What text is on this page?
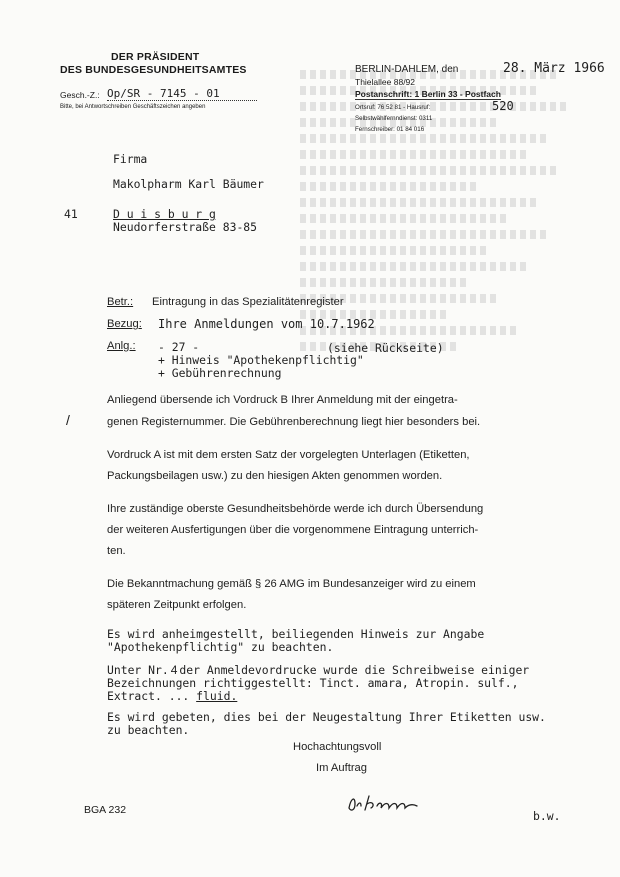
DER PRÄSIDENT
DES BUNDESGESUNDHEITSAMTES
Gesch.-Z.: Op/SR - 7145 - 01
Bitte, bei Antwortschreiben Geschäftszeichen angeben
BERLIN-DAHLEM, den	28. März 1966
Thielallee 88/92
Postanschrift: 1 Berlin 33 - Postfach
Ortsruf: 76 52 81 - Hausruf:	520
Selbstwählfernndienst: 0311
Fernschreiber: 01 84 016
Firma
Makolpharm Karl Bäumer
41	D u i s b u r g
Neudorferstraße 83-85
Betr.: Eintragung in das Spezialitätenregister
Bezug: Ihre Anmeldungen vom 10.7.1962
Anlg.: - 27 -	(siehe Rückseite)
+ Hinweis "Apothekenpflichtig"
+ Gebührenrechnung
Anliegend übersende ich Vordruck B Ihrer Anmeldung mit der eingetra-
genen Registernummer. Die Gebührenberechnung liegt hier besonders bei.
/
Vordruck A ist mit dem ersten Satz der vorgelegten Unterlagen (Etiketten,
Packungsbeilagen usw.) zu den hiesigen Akten genommen worden.
Ihre zuständige oberste Gesundheitsbehörde werde ich durch Übersendung
der weiteren Ausfertigungen über die vorgenommene Eintragung unterrich-
ten.
Die Bekanntmachung gemäß § 26 AMG im Bundesanzeiger wird zu einem
späteren Zeitpunkt erfolgen.
Es wird anheimgestellt, beiliegenden Hinweis zur Angabe
"Apothekenpflichtig" zu beachten.
Unter Nr. 4 der Anmeldevordrucke wurde die Schreibweise einiger
Bezeichnungen richtiggestellt: Tinct. amara, Atropin. sulf.,
Extract. ... fluid.
Es wird gebeten, dies bei der Neugestaltung Ihrer Etiketten usw.
zu beachten.
Hochachtungsvoll
Im Auftrag
BGA 232	b.w.
